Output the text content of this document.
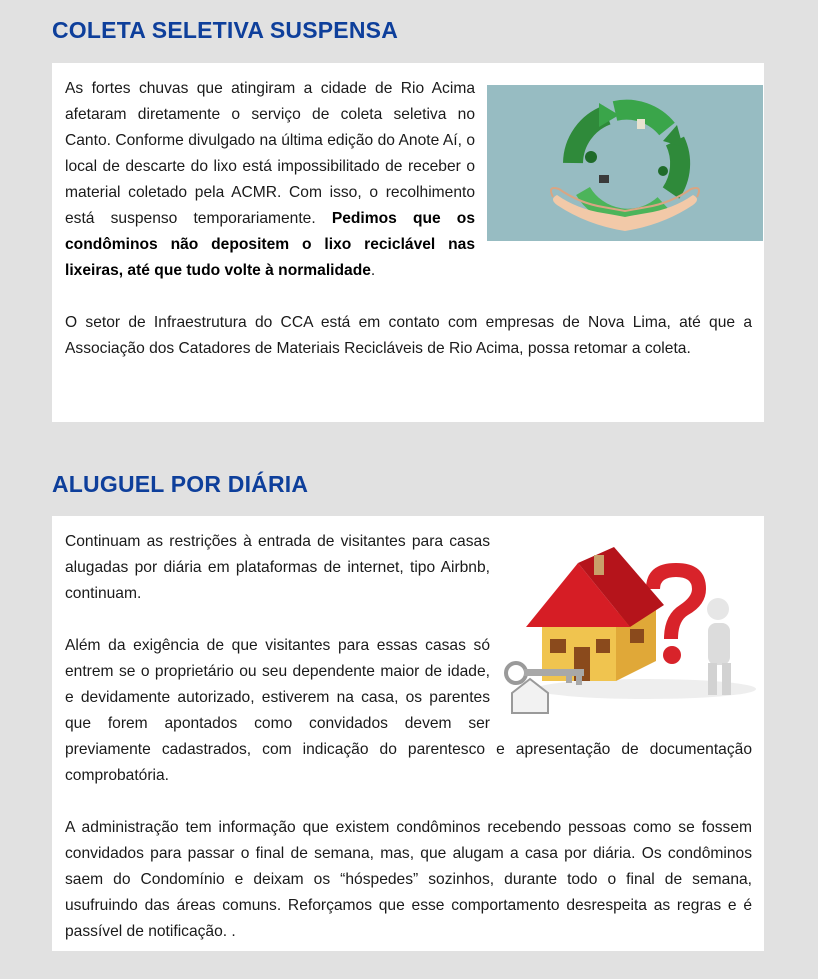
COLETA SELETIVA SUSPENSA

As fortes chuvas que atingiram a cidade de Rio Acima afetaram diretamente o serviço de coleta seletiva no Canto. Conforme divulgado na última edição do Anote Aí, o local de descarte do lixo está impossibilitado de receber o material coletado pela ACMR. Com isso, o recolhimento está suspenso temporariamente. Pedimos que os condôminos não depositem o lixo reciclável nas lixeiras, até que tudo volte à normalidade.

O setor de Infraestrutura do CCA está em contato com empresas de Nova Lima, até que a Associação dos Catadores de Materiais Recicláveis de Rio Acima, possa retomar a coleta.

ALUGUEL POR DIÁRIA

Continuam as restrições à entrada de visitantes para casas alugadas por diária em plataformas de internet, tipo Airbnb, continuam.

Além da exigência de que visitantes para essas casas só entrem se o proprietário ou seu dependente maior de idade, e devidamente autorizado, estiverem na casa, os parentes que forem apontados como convidados devem ser previamente cadastrados, com indicação do parentesco e apresentação de documentação comprobatória.

A administração tem informação que existem condôminos recebendo pessoas como se fossem convidados para passar o final de semana, mas, que alugam a casa por diária. Os condôminos saem do Condomínio e deixam os “hóspedes” sozinhos, durante todo o final de semana, usufruindo das áreas comuns. Reforçamos que esse comportamento desrespeita as regras e é passível de notificação. .
